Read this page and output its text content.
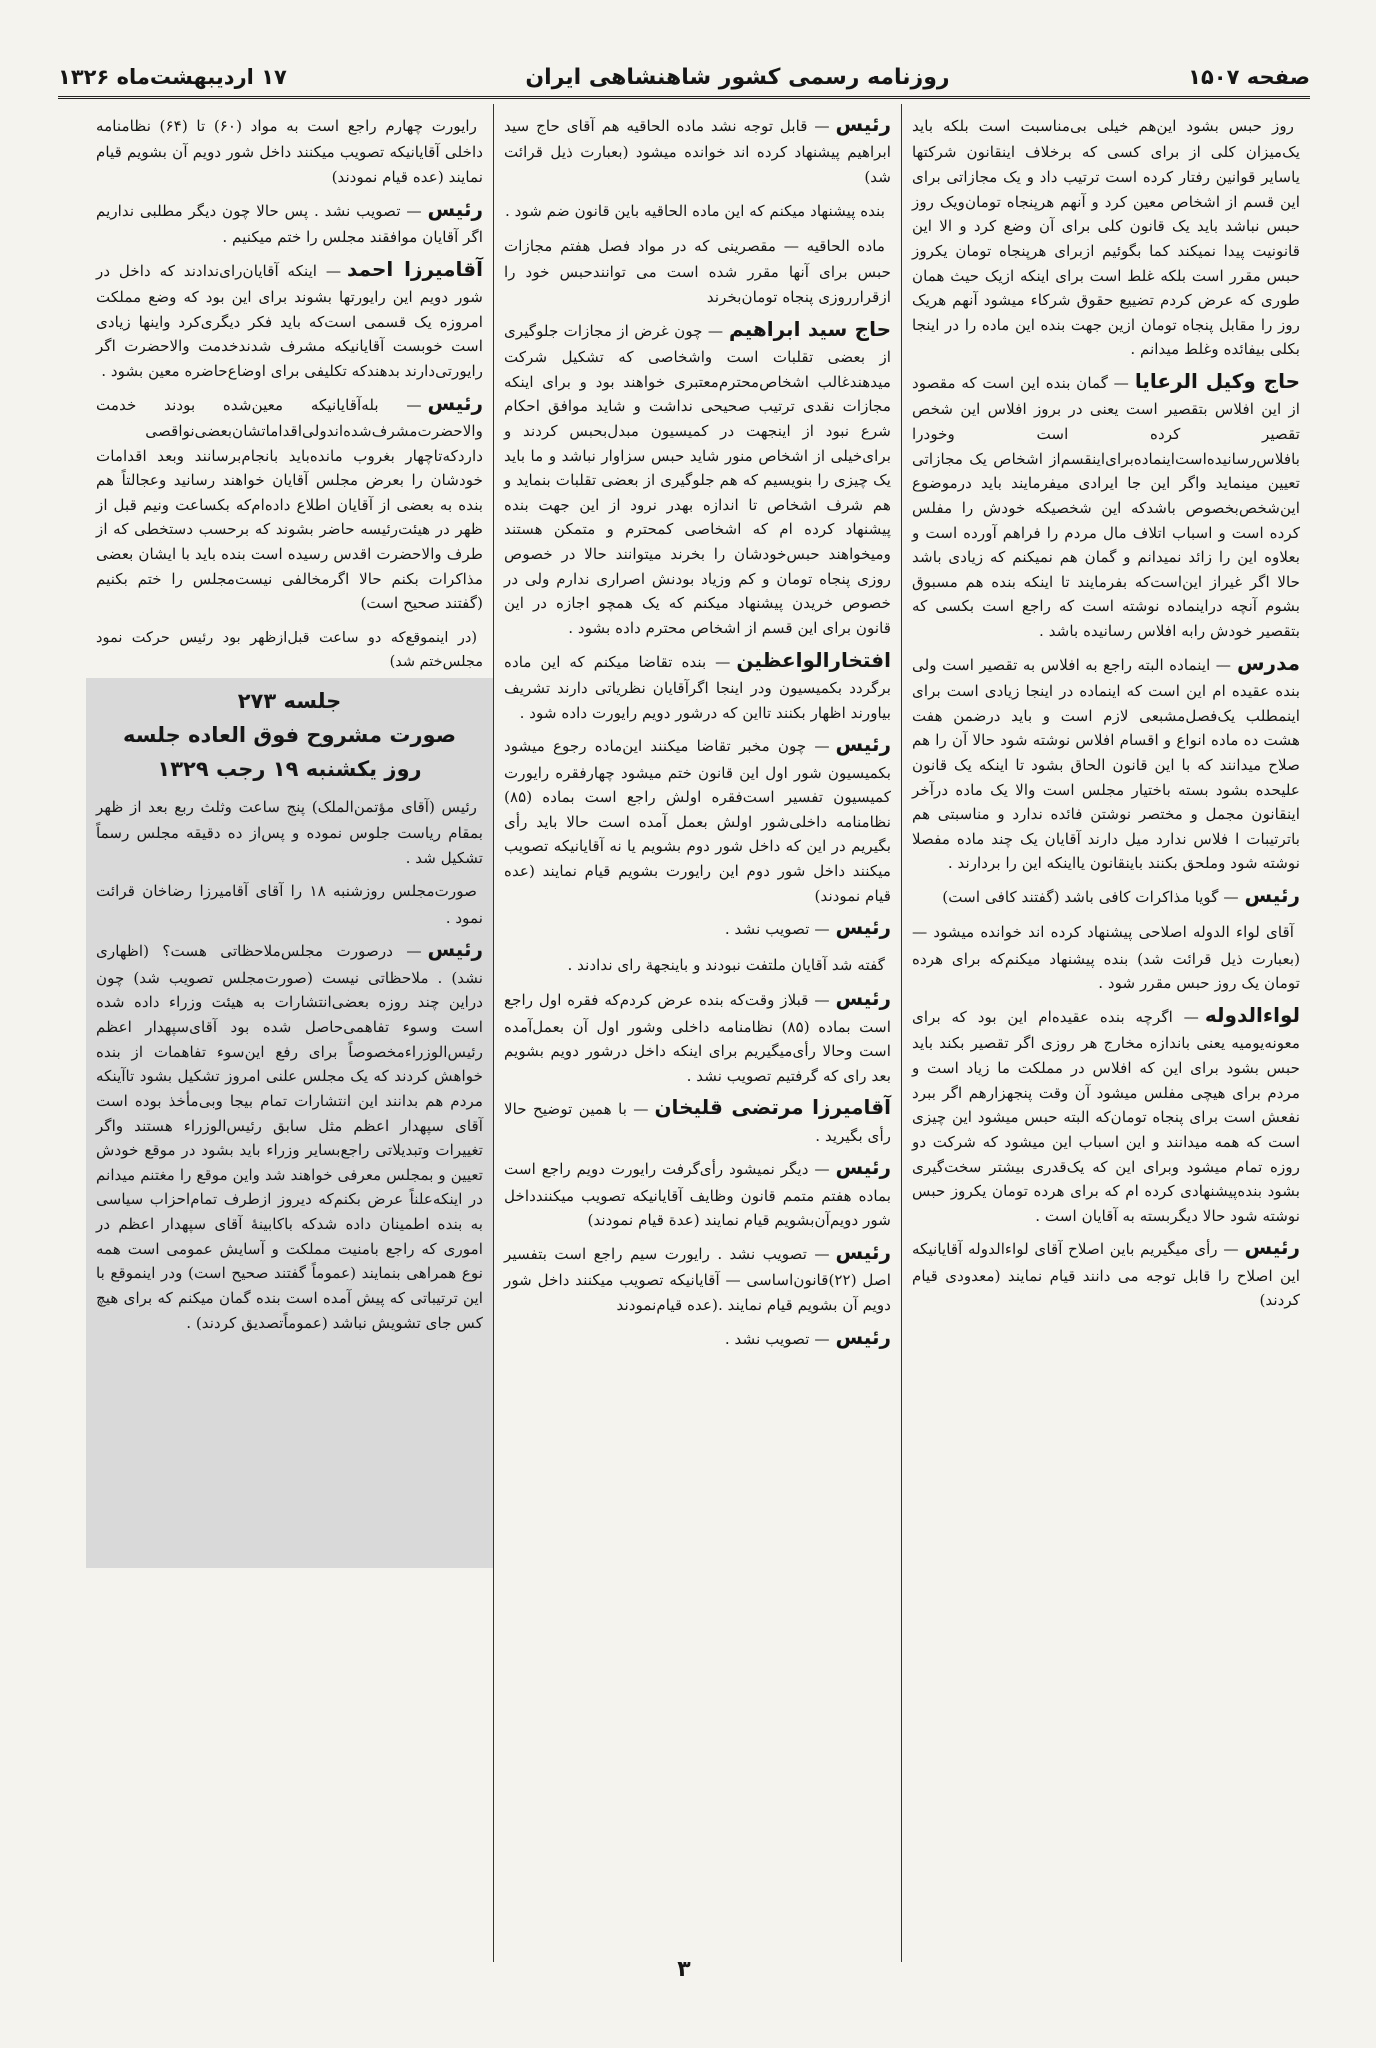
صفحه ۱۵۰۷
روزنامه رسمی کشور شاهنشاهی ایران
۱۷ اردیبهشت‌ماه ۱۳۲۶

روز حبس بشود این‌هم خیلی بی‌مناسبت است بلکه باید یک‌میزان کلی از برای کسی که برخلاف اینقانون شرکتها یاسایر قوانین رفتار کرده است ترتیب داد و یک مجازاتی برای این قسم از اشخاص معین کرد و آنهم هرپنجاه تومان‌ویک روز حبس نباشد باید یک قانون کلی برای آن وضع کرد و الا این قانونیت پیدا نمیکند کما بگوئیم ازبرای هرپنجاه تومان یکروز حبس مقرر است بلکه غلط است برای اینکه ازیک حیث همان طوری که عرض کردم تضییع حقوق شرکاء میشود آنهم هریک روز را مقابل پنجاه تومان ازین جهت بنده این ماده را در اینجا بکلی بیفائده وغلط میدانم .

حاج وکیل الرعایا— گمان بنده این است که مقصود از این افلاس بتقصیر است یعنی در بروز افلاس این شخص تقصیر کرده است وخودرا بافلاس‌رسانیده‌است‌اینماده‌برای‌اینقسم‌از اشخاص یک مجازاتی تعیین مینماید واگر این جا ایرادی میفرمایند باید درموضوع این‌شخص‌بخصوص باشدکه این شخصیکه خودش را مفلس کرده است و اسباب اتلاف مال مردم را فراهم آورده است و بعلاوه این را زائد نمیدانم و گمان هم نمیکنم که زیادی باشد حالا اگر غیراز این‌است‌که بفرمایند تا اینکه بنده هم مسبوق بشوم آنچه دراینماده نوشته است که راجع است بکسی که بتقصیر خودش رابه افلاس رسانیده باشد .

مدرس— اینماده البته راجع به افلاس به تقصیر است ولی بنده عقیده ام این است که اینماده در اینجا زیادی است برای اینمطلب یک‌فصل‌مشبعی لازم است و باید درضمن هفت هشت ده ماده انواع و اقسام افلاس نوشته شود حالا آن را هم صلاح میدانند که با این قانون الحاق بشود تا اینکه یک قانون علیحده بشود بسته باختیار مجلس است والا یک ماده درآخر اینقانون مجمل و مختصر نوشتن فائده ندارد و مناسبتی هم باترتیبات ا فلاس ندارد میل دارند آقایان یک چند ماده مفصلا نوشته شود وملحق بکنند باینقانون یااینکه این را بردارند .

رئیس— گویا مذاکرات کافی باشد (گفتند کافی است)

آقای لواء الدوله اصلاحی پیشنهاد کرده اند خوانده میشود — (بعبارت ذیل قرائت شد) بنده پیشنهاد میکنم‌که برای هرده تومان یک روز حبس مقرر شود .

لواءالدوله— اگرچه بنده عقیده‌ام این بود که برای معونه‌یومیه یعنی باندازه مخارج هر روزی اگر تقصیر بکند باید حبس بشود برای این که افلاس در مملکت ما زیاد است و مردم برای هیچی مفلس میشود آن وقت پنجهزارهم اگر ببرد نفعش است برای پنجاه تومان‌که البته حبس میشود این چیزی است که همه میدانند و این اسباب این میشود که شرکت دو روزه تمام میشود وبرای این که یک‌قدری بیشتر سخت‌گیری بشود بنده‌پیشنهادی کرده ام که برای هرده تومان یکروز حبس نوشته شود حالا دیگربسته به آقایان است .

رئیس— رأی میگیریم باین اصلاح آقای لواءالدوله آقایانیکه این اصلاح را قابل توجه می دانند قیام نمایند (معدودی قیام کردند)

رئیس— قابل توجه نشد ماده الحاقیه هم آقای حاج سید ابراهیم پیشنهاد کرده اند خوانده میشود (بعبارت ذیل قرائت شد)

بنده پیشنهاد میکنم که این ماده الحاقیه باین قانون ضم شود .

ماده الحاقیه — مقصرینی که در مواد فصل هفتم مجازات حبس برای آنها مقرر شده است می توانندحبس خود را ازقرارروزی پنجاه تومان‌بخرند

حاج سید ابراهیم— چون غرض از مجازات جلوگیری از بعضی تقلبات است واشخاصی که تشکیل شرکت میدهندغالب اشخاص‌محترم‌معتبری خواهند بود و برای اینکه مجازات نقدی ترتیب صحیحی نداشت و شاید موافق احکام شرع نبود از اینجهت در کمیسیون مبدل‌بحبس کردند و برای‌خیلی از اشخاص منور شاید حبس سزاوار نباشد و ما باید یک چیزی را بنویسیم که هم جلوگیری از بعضی تقلبات بنماید و هم شرف اشخاص تا اندازه بهدر نرود از این جهت بنده پیشنهاد کرده ام که اشخاصی کمحترم و متمکن هستند ومیخواهند حبس‌خودشان را بخرند میتوانند حالا در خصوص روزی پنجاه تومان و کم وزیاد بودنش اصراری ندارم ولی در خصوص خریدن پیشنهاد میکنم که یک همچو اجازه در این قانون برای این قسم از اشخاص محترم داده بشود .

افتخارالواعظین— بنده تقاضا میکنم که این ماده برگردد بکمیسیون ودر اینجا اگرآقایان نظریاتی دارند تشریف بیاورند اظهار بکنند تااین که درشور دویم رایورت داده شود .

رئیس— چون مخبر تقاضا میکنند این‌ماده رجوع میشود بکمیسیون شور اول این قانون ختم میشود چهارفقره رایورت کمیسیون تفسیر است‌فقره اولش راجع است بماده (۸۵) نظامنامه داخلی‌شور اولش بعمل آمده است حالا باید رأی بگیریم در این که داخل شور دوم بشویم یا نه آقایانیکه تصویب میکنند داخل شور دوم این رایورت بشویم قیام نمایند (عده قیام نمودند)

رئیس— تصویب نشد .

گفته شد آقایان ملتفت نبودند و باینجهة رای ندادند .

رئیس— قبلا‌ز وقت‌که بنده عرض کردم‌که فقره اول راجع است بماده (۸۵) نظامنامه داخلی وشور اول آن بعمل‌آمده است وحالا رأی‌میگیریم برای اینکه داخل درشور دویم بشویم بعد رای که گرفتیم تصویب نشد .

آقامیرزا مرتضی قلیخان— با همین توضیح حالا رأی بگیرید .

رئیس— دیگر نمیشود رأی‌گرفت رایورت دویم راجع است بماده هفتم متمم قانون وظایف آقایانیکه تصویب میکنندداخل شور دویم‌آن‌بشویم قیام نمایند (عدة قیام نمودند)

رئیس— تصویب نشد . رایورت سیم راجع است بتفسیر اصل (۲۲)قانون‌اساسی — آقایانیکه تصویب میکنند داخل شور دویم آن بشویم قیام نمایند .(عده قیام‌نمودند

رئیس— تصویب نشد .

رایورت چهارم راجع است به مواد (۶۰) تا (۶۴) نظامنامه داخلی آقایانیکه تصویب میکنند داخل شور دویم آن بشویم قیام نمایند (عده قیام نمودند)

رئیس— تصویب نشد . پس حالا چون دیگر مطلبی نداریم اگر آقایان موافقند مجلس را ختم میکنیم .

آقامیرزا احمد— اینکه آقایان‌رای‌ندادند که داخل در شور دویم این رایورتها بشوند برای این بود که وضع مملکت امروزه یک قسمی است‌که باید فکر دیگری‌کرد واینها زیادی است خوبست آقایانیکه مشرف شدند‌خدمت والاحضرت اگر رایورتی‌دارند بدهندکه تکلیفی برای اوضاع‌حاضره معین بشود .

رئیس— بله‌آقایانیکه معین‌شده بودند خدمت والاحضرت‌مشرف‌شده‌اندولی‌اقداماتشان‌بعضی‌نواقصی داردکه‌تاچهار بغروب مانده‌باید بانجام‌برسانند وبعد اقدامات خودشان را بعرض مجلس آقایان خواهند رسانید وعجالتاً هم بنده به بعضی از آقایان اطلاع داده‌ام‌که بکساعت ونیم قبل از ظهر در هیئت‌رئیسه حاضر بشوند که برحسب دستخطی که از طرف والاحضرت اقدس رسیده است بنده باید با ایشان بعضی مذاکرات بکنم حالا اگرمخالفی نیست‌مجلس را ختم بکنیم (گفتند صحیح است)

(در اینموقع‌که دو ساعت قبل‌ازظهر بود رئیس حرکت نمود مجلس‌ختم شد)

جلسه ۲۷۳
صورت مشروح فوق العاده جلسه
روز یکشنبه ۱۹ رجب ۱۳۲۹

رئیس (آقای مؤتمن‌الملک) پنج ساعت وثلث ربع بعد از ظهر بمقام ریاست جلوس نموده و پس‌از ده دقیقه مجلس رسماً تشکیل شد .

صورت‌مجلس روزشنبه ۱۸ را آقای آقامیرزا رضاخان قرائت نمود .

رئیس— درصورت مجلس‌ملاحظاتی هست؟ (اظهاری نشد) . ملاحظاتی نیست (صورت‌مجلس تصویب شد) چون دراین چند روزه بعضی‌انتشارات به هیئت وزراء داده شده است وسوء تفاهمی‌حاصل شده بود آقای‌سپهدار اعظم رئیس‌الوزراءمخصوصاً برای رفع این‌سوء تفاهمات از بنده خواهش کردند که یک مجلس علنی امروز تشکیل بشود تاآینکه مردم هم بدانند این انتشارات تمام بیجا وبی‌مأخذ بوده است آقای سپهدار اعظم مثل سابق رئیس‌الوزراء هستند واگر تغییرات وتبدیلاتی راجع‌بسایر وزراء باید بشود در موقع خودش تعیین و بمجلس معرفی خواهند شد واین موقع را مغتنم میدانم در اینکه‌علناً عرض بکنم‌که دیروز ازطرف تمام‌احزاب سیاسی به بنده اطمینان داده شدکه باکابینهٔ آقای سپهدار اعظم در اموری که راجع بامنیت مملکت و آسایش عمومی است همه نوع همراهی بنمایند (عموماً گفتند صحیح است) ودر اینموقع با این ترتیباتی که پیش آمده است بنده گمان میکنم که برای هیچ کس جای تشویش نباشد (عموماً‌تصدیق کردند) .

۳
